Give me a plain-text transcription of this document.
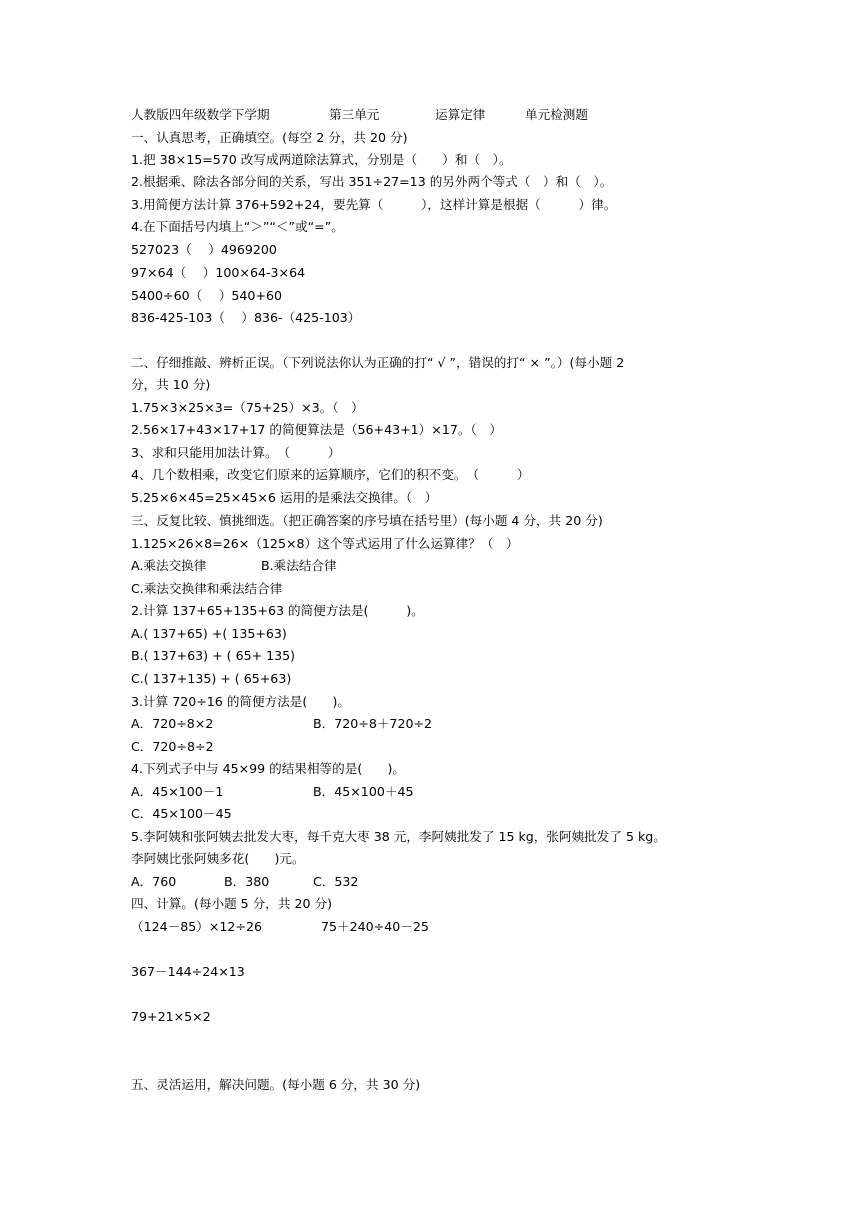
人教版四年级数学下学期	第三单元	运算定律	单元检测题

一、认真思考，正确填空。(每空 2 分，共 20 分)

1.把 38×15=570 改写成两道除法算式，分别是（　　）和（　）。

2.根据乘、除法各部分间的关系，写出 351÷27=13 的另外两个等式（　）和（　）。

3.用简便方法计算 376+592+24，要先算（　　　），这样计算是根据（　　　）律。

4.在下面括号内填上“＞”“＜”或“=”。

527023（　 ）4969200

97×64（　 ）100×64-3×64

5400÷60（　 ）540+60

836-425-103（　 ）836-（425-103）

二、仔细推敲、辨析正误。（下列说法你认为正确的打“ √ ”，错误的打“ × ”。）(每小题 2

分，共 10 分)

1.75×3×25×3=（75+25）×3。（　）

2.56×17+43×17+17 的简便算法是（56+43+1）×17。（　）

3、求和只能用加法计算。　（　　　）

4、几个数相乘，改变它们原来的运算顺序，它们的积不变。　（　　　）

5.25×6×45=25×45×6 运用的是乘法交换律。（　）

三、反复比较、慎挑细选。（把正确答案的序号填在括号里）(每小题 4 分，共 20 分)

1.125×26×8=26×（125×8）这个等式运用了什么运算律？（　）

A.乘法交换律	B.乘法结合律

C.乘法交换律和乘法结合律

2.计算 137+65+135+63 的简便方法是(　　　)。

A.( 137+65) +( 135+63)

B.( 137+63) + ( 65+ 135)

C.( 137+135) + ( 65+63)

3.计算 720÷16 的简便方法是(　　)。

A．720÷8×2	B．720÷8＋720÷2

C．720÷8÷2

4.下列式子中与 45×99 的结果相等的是(　　)。

A．45×100－1	B．45×100＋45

C．45×100－45

5.李阿姨和张阿姨去批发大枣，每千克大枣 38 元，李阿姨批发了 15 kg，张阿姨批发了 5 kg。

李阿姨比张阿姨多花(　　)元。

A．760	B．380	C．532

四、计算。(每小题 5 分，共 20 分)

（124－85）×12÷26	75＋240÷40－25

367－144÷24×13

79+21×5×2

五、灵活运用，解决问题。(每小题 6 分，共 30 分)
